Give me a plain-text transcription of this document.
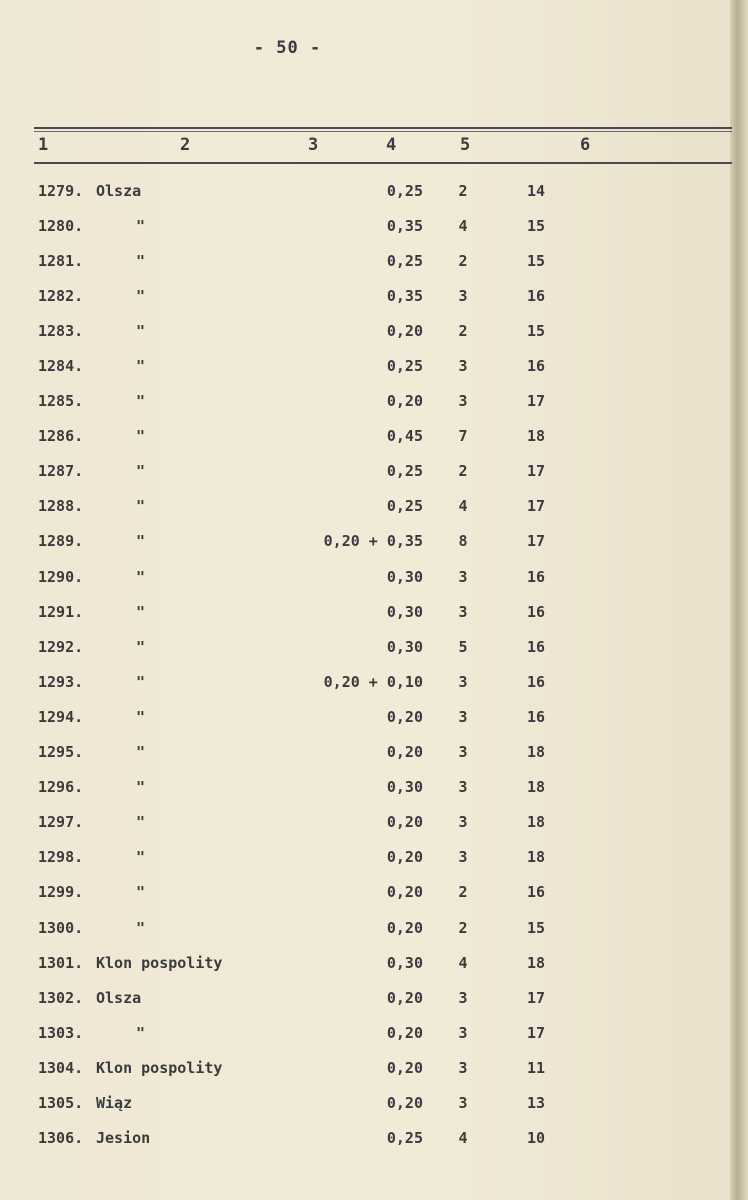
- 50 -
1	2	3	4	5	6
1279.	Olsza	0,25	2	14
1280.	"	0,35	4	15
1281.	"	0,25	2	15
1282.	"	0,35	3	16
1283.	"	0,20	2	15
1284.	"	0,25	3	16
1285.	"	0,20	3	17
1286.	"	0,45	7	18
1287.	"	0,25	2	17
1288.	"	0,25	4	17
1289.	"	0,20 + 0,35	8	17
1290.	"	0,30	3	16
1291.	"	0,30	3	16
1292.	"	0,30	5	16
1293.	"	0,20 + 0,10	3	16
1294.	"	0,20	3	16
1295.	"	0,20	3	18
1296.	"	0,30	3	18
1297.	"	0,20	3	18
1298.	"	0,20	3	18
1299.	"	0,20	2	16
1300.	"	0,20	2	15
1301.	Klon pospolity	0,30	4	18
1302.	Olsza	0,20	3	17
1303.	"	0,20	3	17
1304.	Klon pospolity	0,20	3	11
1305.	Wiąz	0,20	3	13
1306.	Jesion	0,25	4	10
